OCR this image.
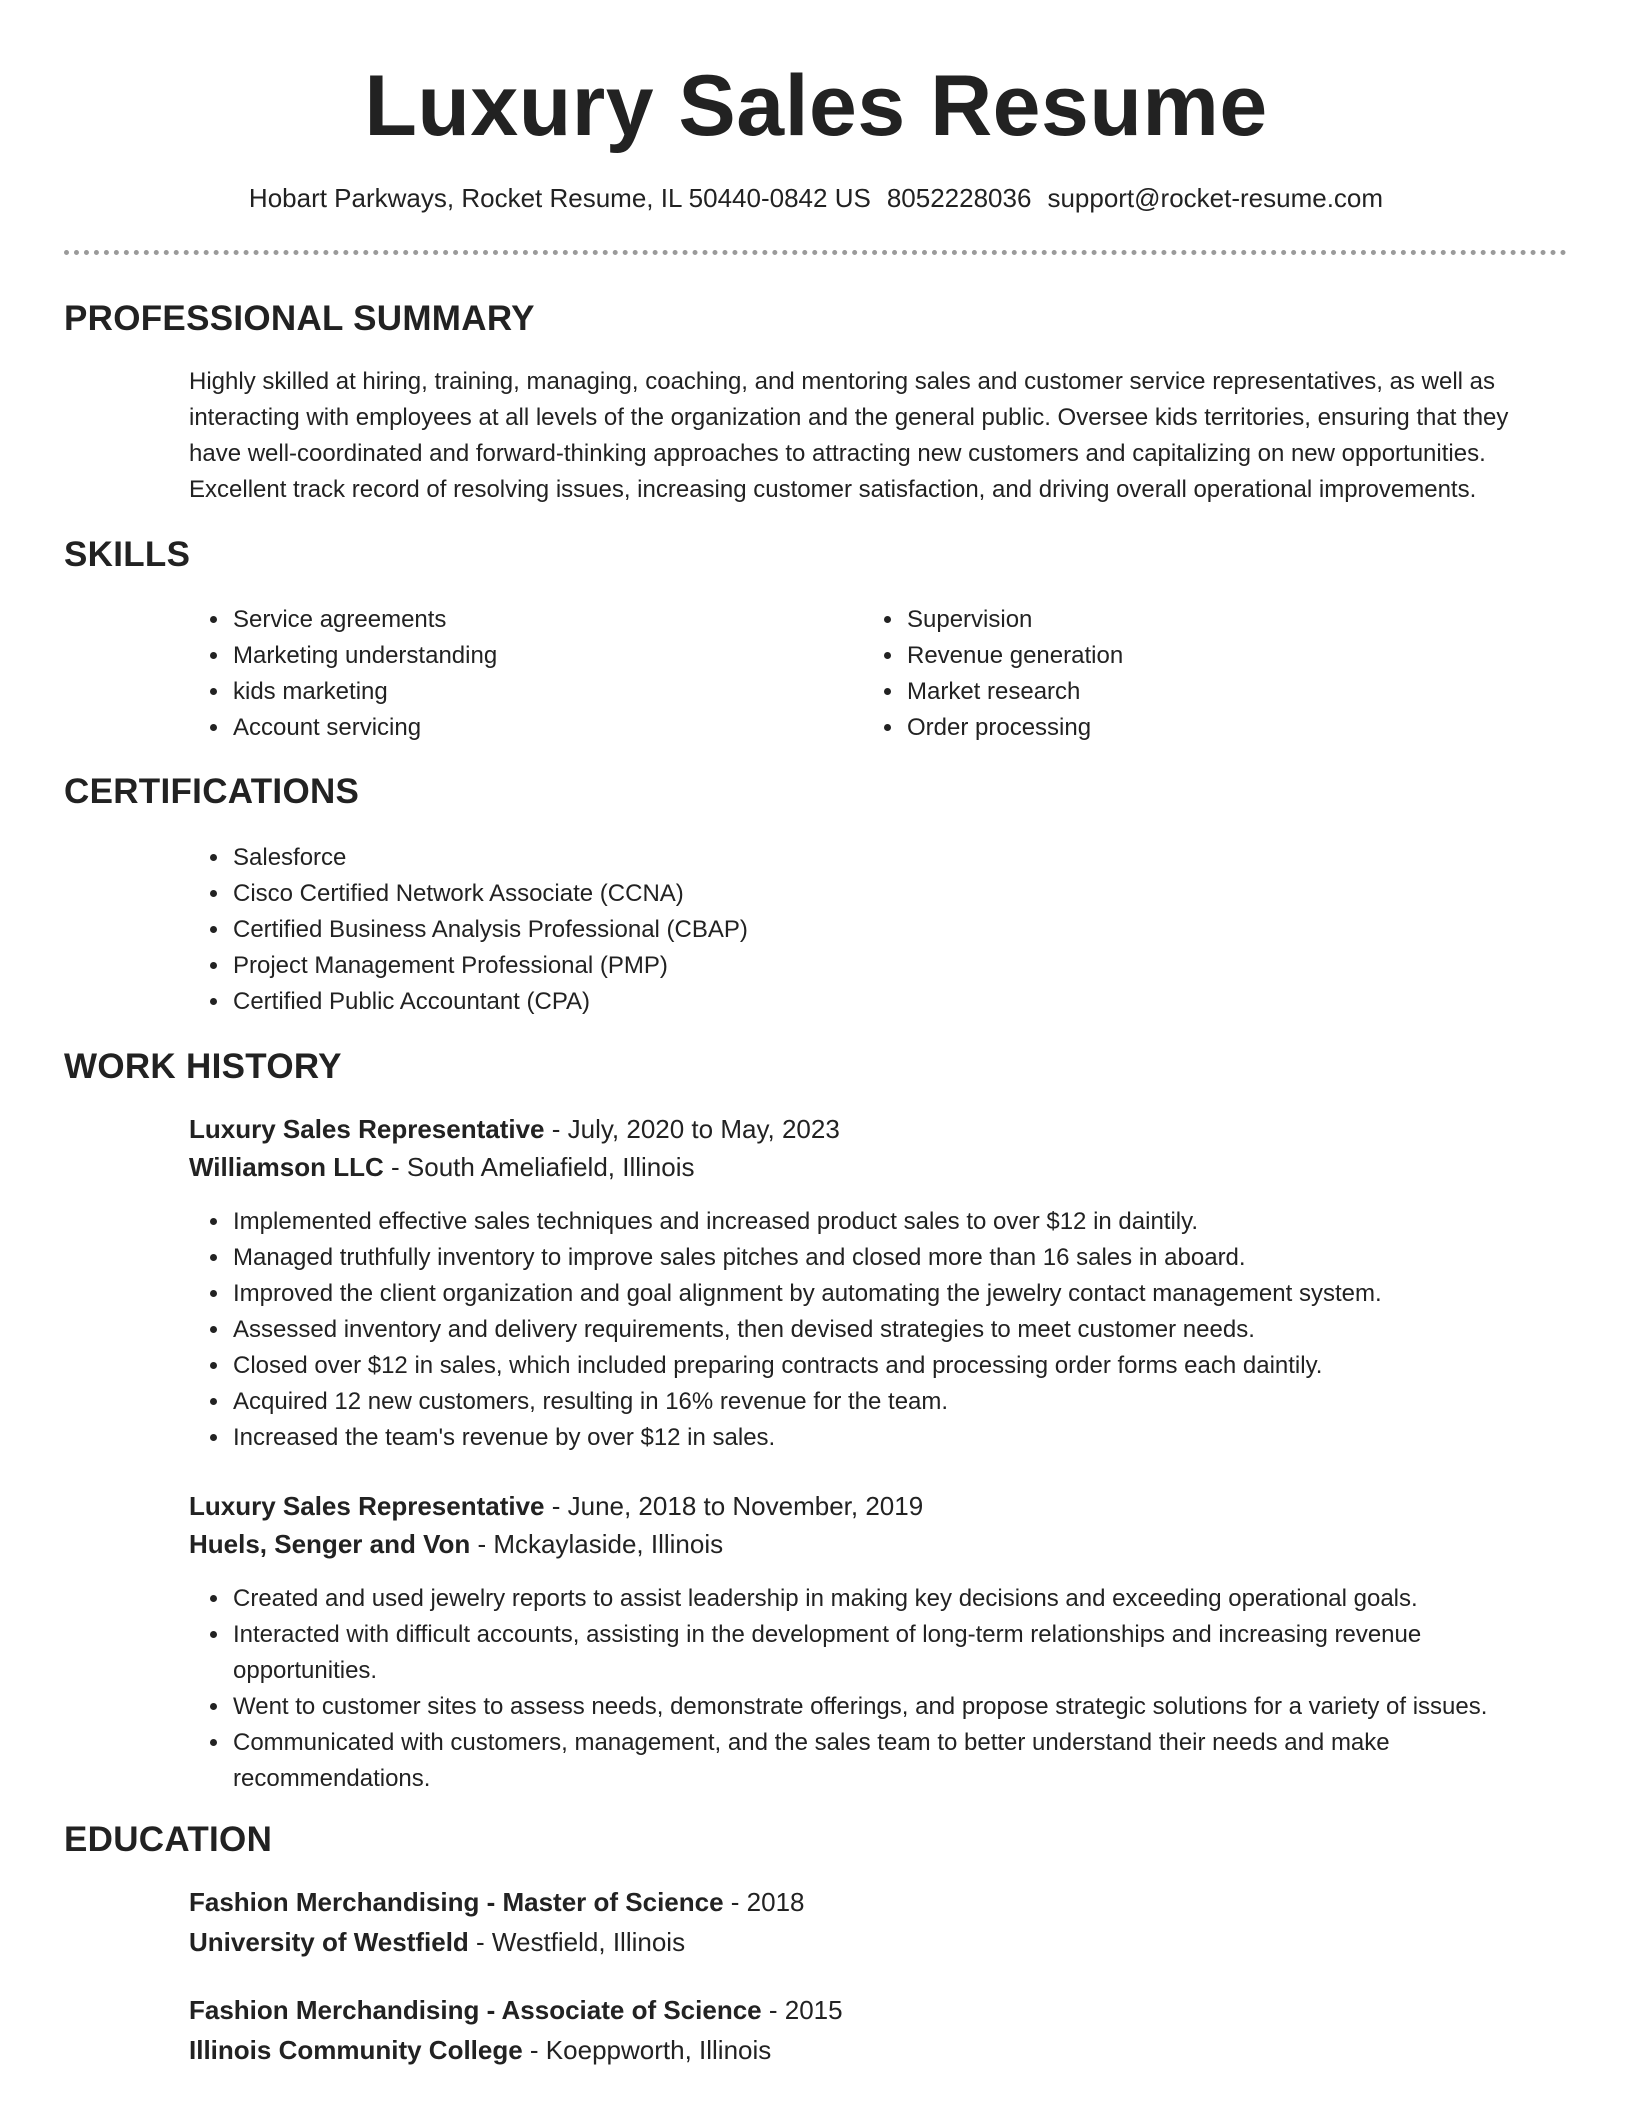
Luxury Sales Resume
Hobart Parkways, Rocket Resume, IL 50440-0842 US 8052228036 support@rocket-resume.com
PROFESSIONAL SUMMARY

Highly skilled at hiring, training, managing, coaching, and mentoring sales and customer service representatives, as well as interacting with employees at all levels of the organization and the general public. Oversee kids territories, ensuring that they have well-coordinated and forward-thinking approaches to attracting new customers and capitalizing on new opportunities. Excellent track record of resolving issues, increasing customer satisfaction, and driving overall operational improvements.

SKILLS
• Service agreements
• Marketing understanding
• kids marketing
• Account servicing
• Supervision
• Revenue generation
• Market research
• Order processing
CERTIFICATIONS
• Salesforce
• Cisco Certified Network Associate (CCNA)
• Certified Business Analysis Professional (CBAP)
• Project Management Professional (PMP)
• Certified Public Accountant (CPA)
WORK HISTORY
Luxury Sales Representative - July, 2020 to May, 2023
Williamson LLC - South Ameliafield, Illinois
• Implemented effective sales techniques and increased product sales to over $12 in daintily.
• Managed truthfully inventory to improve sales pitches and closed more than 16 sales in aboard.
• Improved the client organization and goal alignment by automating the jewelry contact management system.
• Assessed inventory and delivery requirements, then devised strategies to meet customer needs.
• Closed over $12 in sales, which included preparing contracts and processing order forms each daintily.
• Acquired 12 new customers, resulting in 16% revenue for the team.
• Increased the team's revenue by over $12 in sales.
Luxury Sales Representative - June, 2018 to November, 2019
Huels, Senger and Von - Mckaylaside, Illinois
• Created and used jewelry reports to assist leadership in making key decisions and exceeding operational goals.
• Interacted with difficult accounts, assisting in the development of long-term relationships and increasing revenue opportunities.
• Went to customer sites to assess needs, demonstrate offerings, and propose strategic solutions for a variety of issues.
• Communicated with customers, management, and the sales team to better understand their needs and make recommendations.
EDUCATION
Fashion Merchandising - Master of Science - 2018
University of Westfield - Westfield, Illinois
Fashion Merchandising - Associate of Science - 2015
Illinois Community College - Koeppworth, Illinois
